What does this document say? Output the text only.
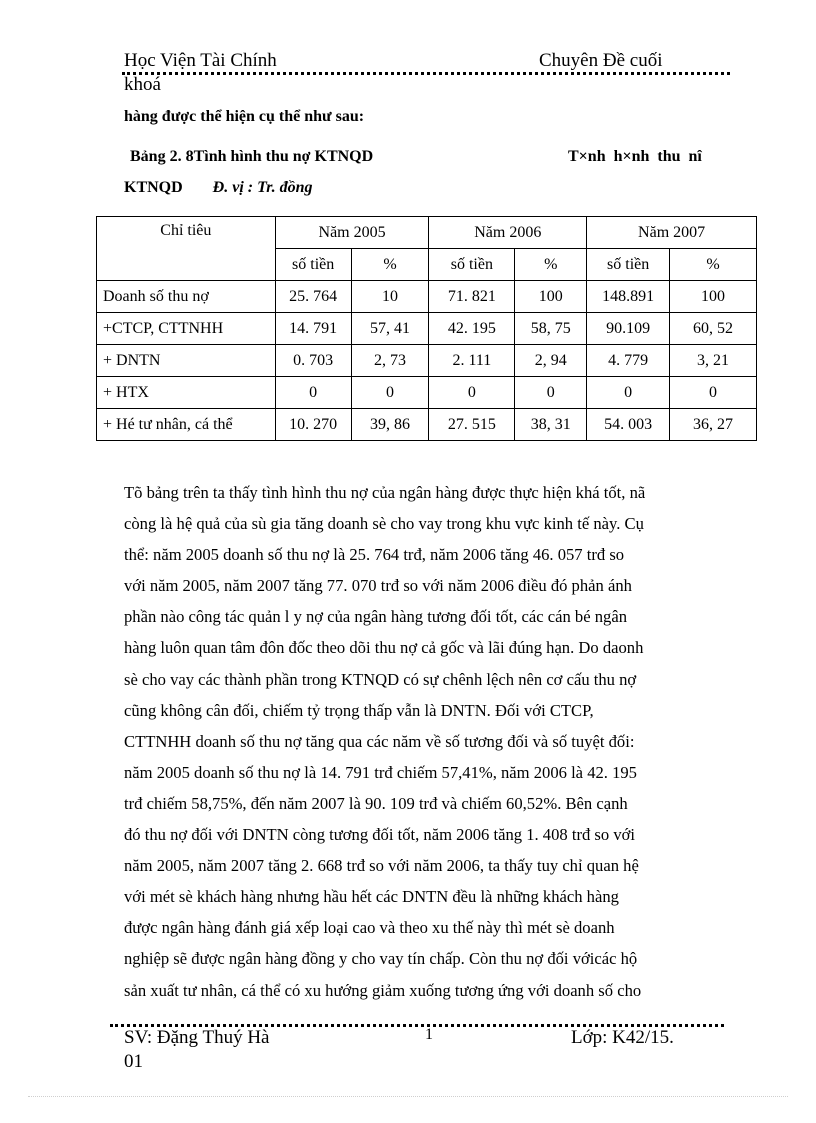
Học Viện Tài Chính	Chuyên Đề cuối
khoá
hàng được thể hiện cụ thể như sau:
Bảng 2. 8Tình hình thu nợ KTNQD	T×nh h×nh thu nî
KTNQD Đ. vị : Tr. đồng
Chỉ tiêu	Năm 2005		Năm 2006		Năm 2007	
	số tiền	%	số tiền	%	số tiền	%
Doanh số thu nợ	25. 764	10	71. 821	100	148.891	100
+CTCP, CTTNHH	14. 791	57, 41	42. 195	58, 75	90.109	60, 52
+ DNTN	0. 703	2, 73	2. 111	2, 94	4. 779	3, 21
+ HTX	0	0	0	0	0	0
+ Hé tư nhân, cá thể	10. 270	39, 86	27. 515	38, 31	54. 003	36, 27

Tõ bảng trên ta thấy tình hình thu nợ của ngân hàng được thực hiện khá tốt, nã

còng là hệ quả của sù gia tăng doanh sè cho vay trong khu vực kinh tế này. Cụ

thể: năm 2005 doanh số thu nợ là 25. 764 trđ, năm 2006 tăng 46. 057 trđ so

với năm 2005, năm 2007 tăng 77. 070 trđ so với năm 2006 điều đó phản ánh

phần nào công tác quản l y nợ của ngân hàng tương đối tốt, các cán bé ngân

hàng luôn quan tâm đôn đốc theo dõi thu nợ cả gốc và lãi đúng hạn. Do daonh

sè cho vay các thành phần trong KTNQD có sự chênh lệch nên cơ cấu thu nợ

cũng không cân đối, chiếm tỷ trọng thấp vẫn là DNTN. Đối với CTCP,

CTTNHH doanh số thu nợ tăng qua các năm về số tương đối và số tuyệt đối:

năm 2005 doanh số thu nợ là 14. 791 trđ chiếm 57,41%, năm 2006 là 42. 195

trđ chiếm 58,75%, đến năm 2007 là 90. 109 trđ và chiếm 60,52%. Bên cạnh

đó thu nợ đối với DNTN còng tương đối tốt, năm 2006 tăng 1. 408 trđ so với

năm 2005, năm 2007 tăng 2. 668 trđ so với năm 2006, ta thấy tuy chỉ quan hệ

với mét sè khách hàng nhưng hầu hết các DNTN đều là những khách hàng

được ngân hàng đánh giá xếp loại cao và theo xu thế này thì mét sè doanh

nghiệp sẽ được ngân hàng đồng y cho vay tín chấp. Còn thu nợ đối vớicác hộ

sản xuất tư nhân, cá thể có xu hướng giảm xuống tương ứng với doanh số cho

SV: Đặng Thuý Hà	1	Lớp: K42/15.
01
